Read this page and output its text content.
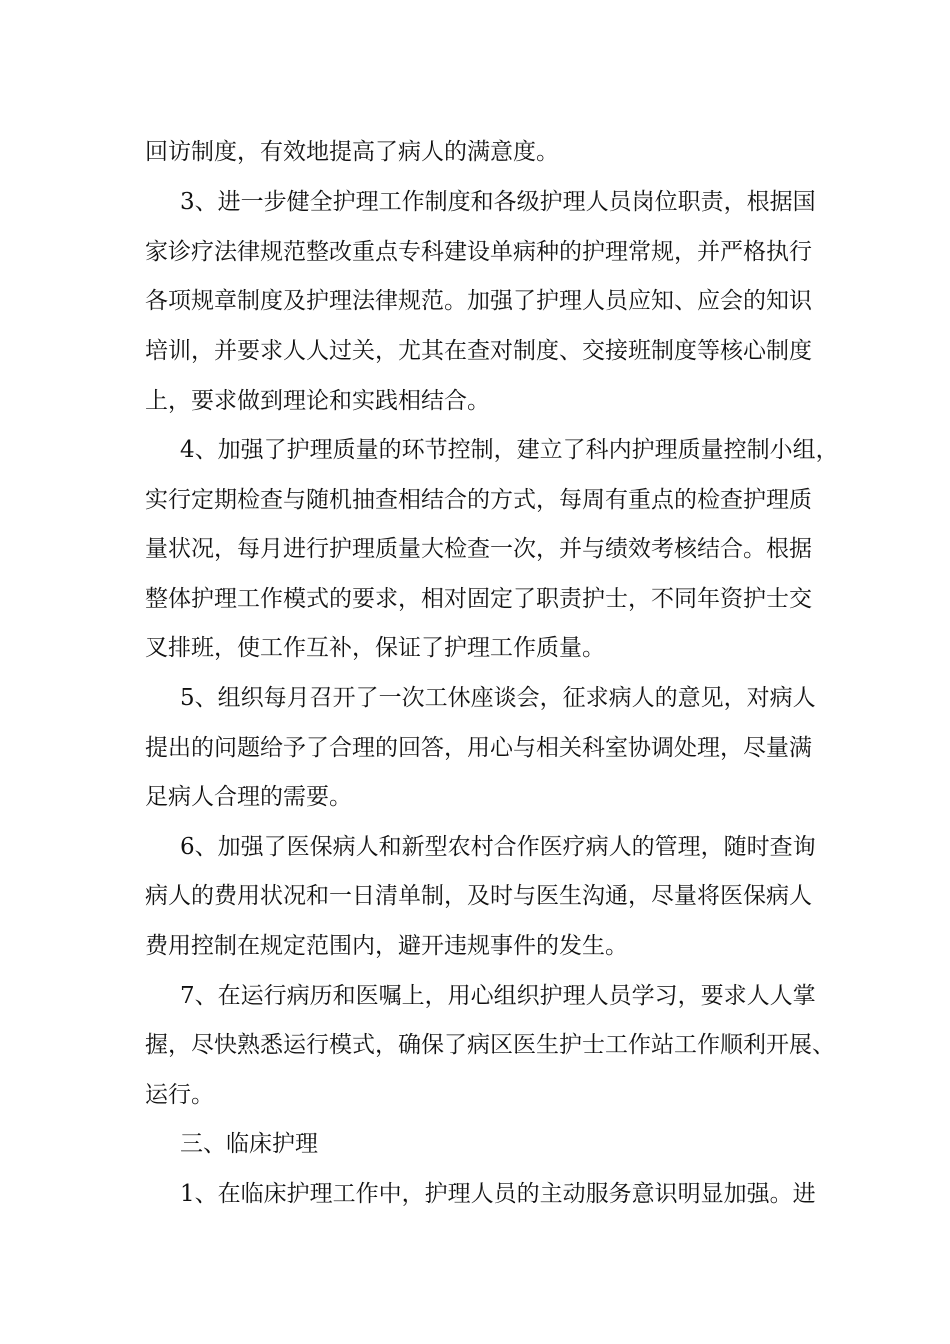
回访制度，有效地提高了病人的满意度。
3、进一步健全护理工作制度和各级护理人员岗位职责，根据国
家诊疗法律规范整改重点专科建设单病种的护理常规，并严格执行
各项规章制度及护理法律规范。加强了护理人员应知、应会的知识
培训，并要求人人过关，尤其在查对制度、交接班制度等核心制度
上，要求做到理论和实践相结合。
4、加强了护理质量的环节控制，建立了科内护理质量控制小组，
实行定期检查与随机抽查相结合的方式，每周有重点的检查护理质
量状况，每月进行护理质量大检查一次，并与绩效考核结合。根据
整体护理工作模式的要求，相对固定了职责护士，不同年资护士交
叉排班，使工作互补，保证了护理工作质量。
5、组织每月召开了一次工休座谈会，征求病人的意见，对病人
提出的问题给予了合理的回答，用心与相关科室协调处理，尽量满
足病人合理的需要。
6、加强了医保病人和新型农村合作医疗病人的管理，随时查询
病人的费用状况和一日清单制，及时与医生沟通，尽量将医保病人
费用控制在规定范围内，避开违规事件的发生。
7、在运行病历和医嘱上，用心组织护理人员学习，要求人人掌
握，尽快熟悉运行模式，确保了病区医生护士工作站工作顺利开展、
运行。
三、临床护理
1、在临床护理工作中，护理人员的主动服务意识明显加强。进
